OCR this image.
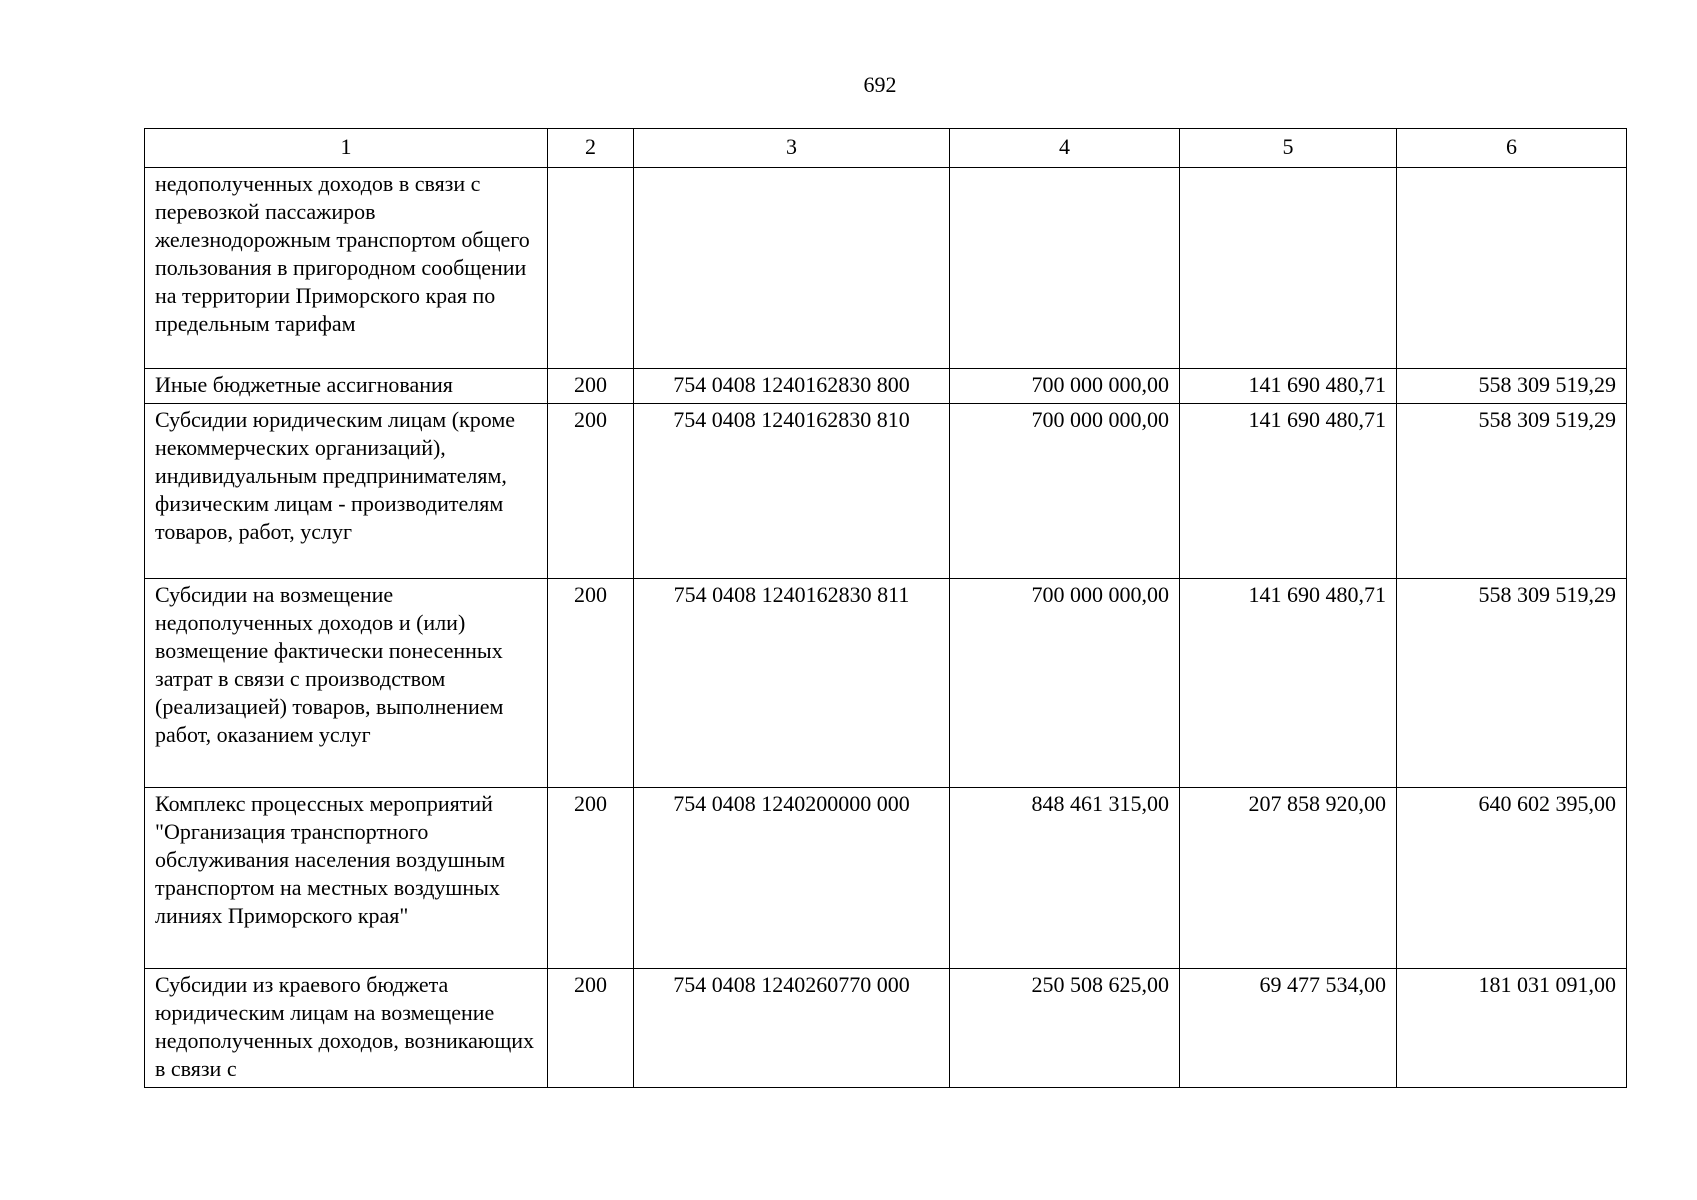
692
1	2	3	4	5	6
недополученных доходов в связи с перевозкой пассажиров железнодорожным транспортом общего пользования в пригородном сообщении на территории Приморского края по предельным тарифам					
Иные бюджетные ассигнования	200	754 0408 1240162830 800	700 000 000,00	141 690 480,71	558 309 519,29
Субсидии юридическим лицам (кроме некоммерческих организаций), индивидуальным предпринимателям, физическим лицам - производителям товаров, работ, услуг	200	754 0408 1240162830 810	700 000 000,00	141 690 480,71	558 309 519,29
Субсидии на возмещение недополученных доходов и (или) возмещение фактически понесенных затрат в связи с производством (реализацией) товаров, выполнением работ, оказанием услуг	200	754 0408 1240162830 811	700 000 000,00	141 690 480,71	558 309 519,29
Комплекс процессных мероприятий "Организация транспортного обслуживания населения воздушным транспортом на местных воздушных линиях Приморского края"	200	754 0408 1240200000 000	848 461 315,00	207 858 920,00	640 602 395,00
Субсидии из краевого бюджета юридическим лицам на возмещение недополученных доходов, возникающих в связи с	200	754 0408 1240260770 000	250 508 625,00	69 477 534,00	181 031 091,00
